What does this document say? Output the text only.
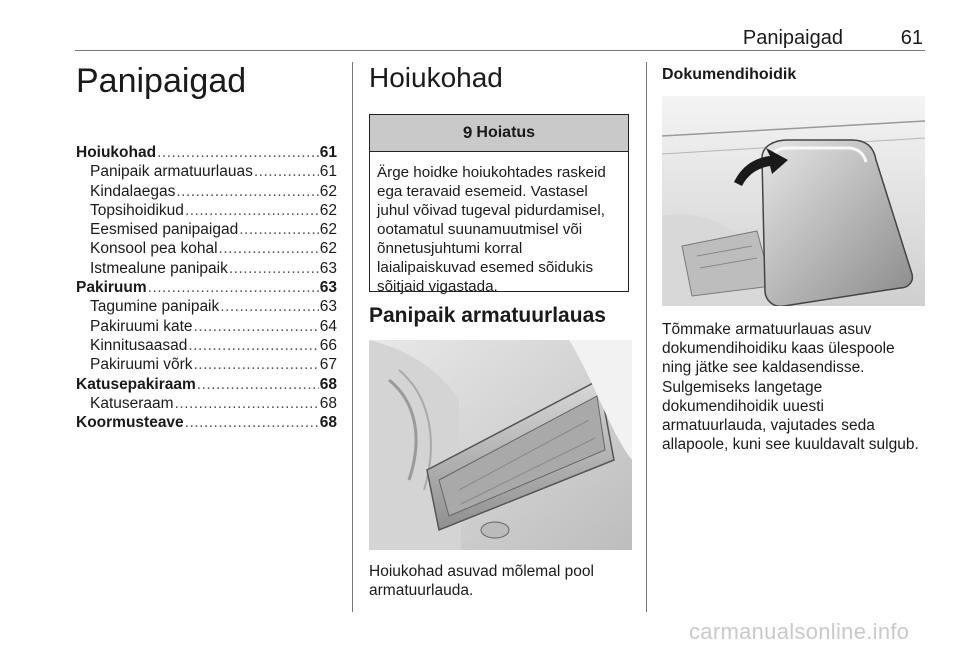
Panipaigad	61
Panipaigad
Hoiukohad .....	61
Panipaik armatuurlauas .....	61
Kindalaegas .....	62
Topsihoidikud .....	62
Eesmised panipaigad .....	62
Konsool pea kohal .....	62
Istmealune panipaik .....	63
Pakiruum .....	63
Tagumine panipaik .....	63
Pakiruumi kate .....	64
Kinnitusaasad .....	66
Pakiruumi võrk .....	67
Katusepakiraam .....	68
Katuseraam .....	68
Koormusteave .....	68
Hoiukohad
9 Hoiatus
Ärge hoidke hoiukohtades raskeid ega teravaid esemeid. Vastasel juhul võivad tugeval pidurdamisel, ootamatul suunamuutmisel või õnnetusjuhtumi korral laialipaiskuvad esemed sõidukis sõitjaid vigastada.
Panipaik armatuurlauas
Hoiukohad asuvad mõlemal pool armatuurlauda.
Dokumendihoidik

Tõmmake armatuurlauas asuv dokumendihoidiku kaas ülespoole ning jätke see kaldasendisse.

Sulgemiseks langetage dokumendihoidik uuesti armatuurlauda, vajutades seda allapoole, kuni see kuuldavalt sulgub.

carmanualsonline.info
